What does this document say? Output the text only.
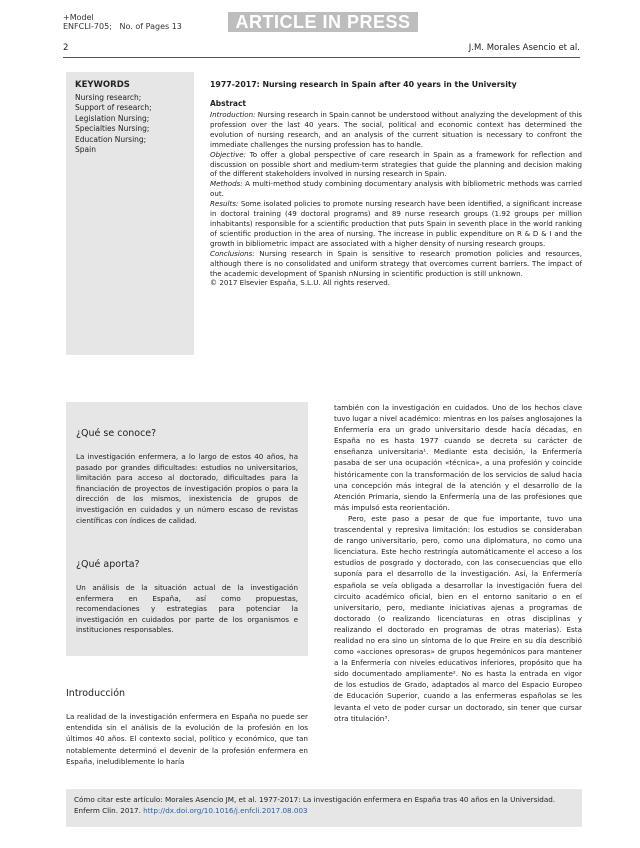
+Model
ENFCLI-705; No. of Pages 13	ARTICLE IN PRESS
2	J.M. Morales Asencio et al.
KEYWORDS
Nursing research;
Support of research;
Legislation Nursing;
Specialties Nursing;
Education Nursing;
Spain
1977-2017: Nursing research in Spain after 40 years in the University
Abstract

Introduction: Nursing research in Spain cannot be understood without analyzing the development of this profession over the last 40 years. The social, political and economic context has determined the evolution of nursing research, and an analysis of the current situation is necessary to confront the immediate challenges the nursing profession has to handle.

Objective: To offer a global perspective of care research in Spain as a framework for reflection and discussion on possible short and medium-term strategies that guide the planning and decision making of the different stakeholders involved in nursing research in Spain.

Methods: A multi-method study combining documentary analysis with bibliometric methods was carried out.

Results: Some isolated policies to promote nursing research have been identified, a significant increase in doctoral training (49 doctoral programs) and 89 nurse research groups (1.92 groups per million inhabitants) responsible for a scientific production that puts Spain in seventh place in the world ranking of scientific production in the area of nursing. The increase in public expenditure on R & D & I and the growth in bibliometric impact are associated with a higher density of nursing research groups.

Conclusions: Nursing research in Spain is sensitive to research promotion policies and resources, although there is no consolidated and uniform strategy that overcomes current barriers. The impact of the academic development of Spanish nNursing in scientific production is still unknown.

© 2017 Elsevier España, S.L.U. All rights reserved.

¿Qué se conoce?
La investigación enfermera, a lo largo de estos 40 años, ha pasado por grandes dificultades: estudios no universitarios, limitación para acceso al doctorado, dificultades para la financiación de proyectos de investigación propios o para la dirección de los mismos, inexistencia de grupos de investigación en cuidados y un número escaso de revistas científicas con índices de calidad.
¿Qué aporta?
Un análisis de la situación actual de la investigación enfermera en España, así como propuestas, recomendaciones y estrategias para potenciar la investigación en cuidados por parte de los organismos e instituciones responsables.
Introducción
La realidad de la investigación enfermera en España no puede ser entendida sin el análisis de la evolución de la profesión en los últimos 40 años. El contexto social, político y económico, que tan notablemente determinó el devenir de la profesión enfermera en España, ineludiblemente lo haría

también con la investigación en cuidados. Uno de los hechos clave tuvo lugar a nivel académico: mientras en los países anglosajones la Enfermería era un grado universitario desde hacía décadas, en España no es hasta 1977 cuando se decreta su carácter de enseñanza universitaria¹. Mediante esta decisión, la Enfermería pasaba de ser una ocupación «técnica», a una profesión y coincide históricamente con la transformación de los servicios de salud hacia una concepción más integral de la atención y el desarrollo de la Atención Primaria, siendo la Enfermería una de las profesiones que más impulsó esta reorientación.

Pero, este paso a pesar de que fue importante, tuvo una trascendental y represiva limitación: los estudios se consideraban de rango universitario, pero, como una diplomatura, no como una licenciatura. Este hecho restringía automáticamente el acceso a los estudios de posgrado y doctorado, con las consecuencias que ello suponía para el desarrollo de la investigación. Así, la Enfermería española se veía obligada a desarrollar la investigación fuera del circuito académico oficial, bien en el entorno sanitario o en el universitario, pero, mediante iniciativas ajenas a programas de doctorado (o realizando licenciaturas en otras disciplinas y realizando el doctorado en programas de otras materias). Esta realidad no era sino un síntoma de lo que Freire en su día describió como «acciones opresoras» de grupos hegemónicos para mantener a la Enfermería con niveles educativos inferiores, propósito que ha sido documentado ampliamente². No es hasta la entrada en vigor de los estudios de Grado, adaptados al marco del Espacio Europeo de Educación Superior, cuando a las enfermeras españolas se les levanta el veto de poder cursar un doctorado, sin tener que cursar otra titulación³.

Cómo citar este artículo: Morales Asencio JM, et al. 1977-2017: La investigación enfermera en España tras 40 años en la Universidad. Enferm Clin. 2017. http://dx.doi.org/10.1016/j.enfcli.2017.08.003
